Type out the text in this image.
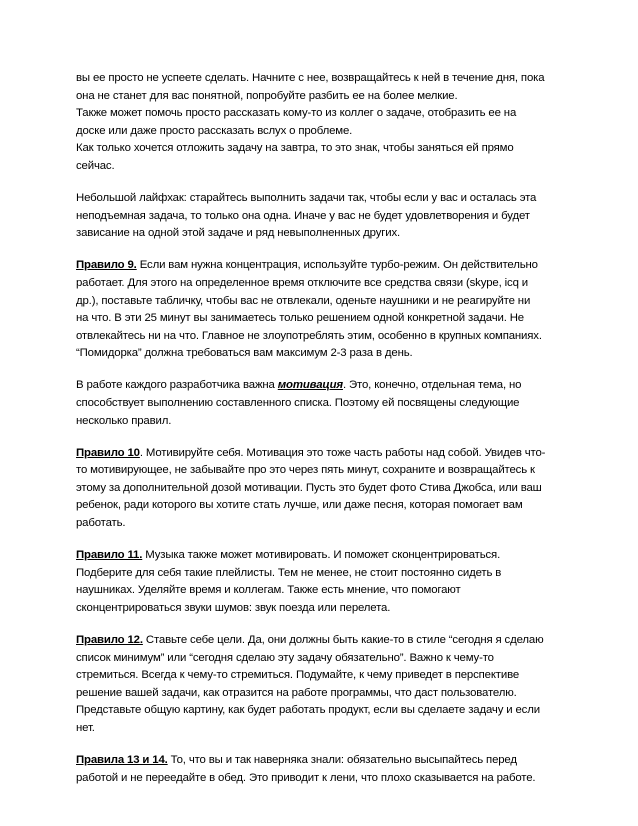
вы ее просто не успеете сделать. Начните с нее, возвращайтесь к ней в течение дня, пока
она не станет для вас понятной, попробуйте разбить ее на более мелкие.
Также может помочь просто рассказать кому-то из коллег о задаче, отобразить ее на
доске или даже просто рассказать вслух о проблеме.
Как только хочется отложить задачу на завтра, то это знак, чтобы заняться ей прямо
сейчас.
Небольшой лайфхак: старайтесь выполнить задачи так, чтобы если у вас и осталась эта
неподъемная задача, то только она одна. Иначе у вас не будет удовлетворения и будет
зависание на одной этой задаче и ряд невыполненных других.
Правило 9. Если вам нужна концентрация, используйте турбо-режим. Он действительно
работает. Для этого на определенное время отключите все средства связи (skype, icq и
др.), поставьте табличку, чтобы вас не отвлекали, оденьте наушники и не реагируйте ни
на что. В эти 25 минут вы занимаетесь только решением одной конкретной задачи. Не
отвлекайтесь ни на что. Главное не злоупотреблять этим, особенно в крупных компаниях.
“Помидорка” должна требоваться вам максимум 2-3 раза в день.
В работе каждого разработчика важна мотивация. Это, конечно, отдельная тема, но
способствует выполнению составленного списка. Поэтому ей посвящены следующие
несколько правил.
Правило 10. Мотивируйте себя. Мотивация это тоже часть работы над собой. Увидев что-
то мотивирующее, не забывайте про это через пять минут, сохраните и возвращайтесь к
этому за дополнительной дозой мотивации. Пусть это будет фото Стива Джобса, или ваш
ребенок, ради которого вы хотите стать лучше, или даже песня, которая помогает вам
работать.
Правило 11. Музыка также может мотивировать. И поможет сконцентрироваться.
Подберите для себя такие плейлисты. Тем не менее, не стоит постоянно сидеть в
наушниках. Уделяйте время и коллегам. Также есть мнение, что помогают
сконцентрироваться звуки шумов: звук поезда или перелета.
Правило 12. Ставьте себе цели. Да, они должны быть какие-то в стиле “сегодня я сделаю
список минимум” или “сегодня сделаю эту задачу обязательно”. Важно к чему-то
стремиться. Всегда к чему-то стремиться. Подумайте, к чему приведет в перспективе
решение вашей задачи, как отразится на работе программы, что даст пользователю.
Представьте общую картину, как будет работать продукт, если вы сделаете задачу и если
нет.
Правила 13 и 14. То, что вы и так наверняка знали: обязательно высыпайтесь перед
работой и не переедайте в обед. Это приводит к лени, что плохо сказывается на работе.
